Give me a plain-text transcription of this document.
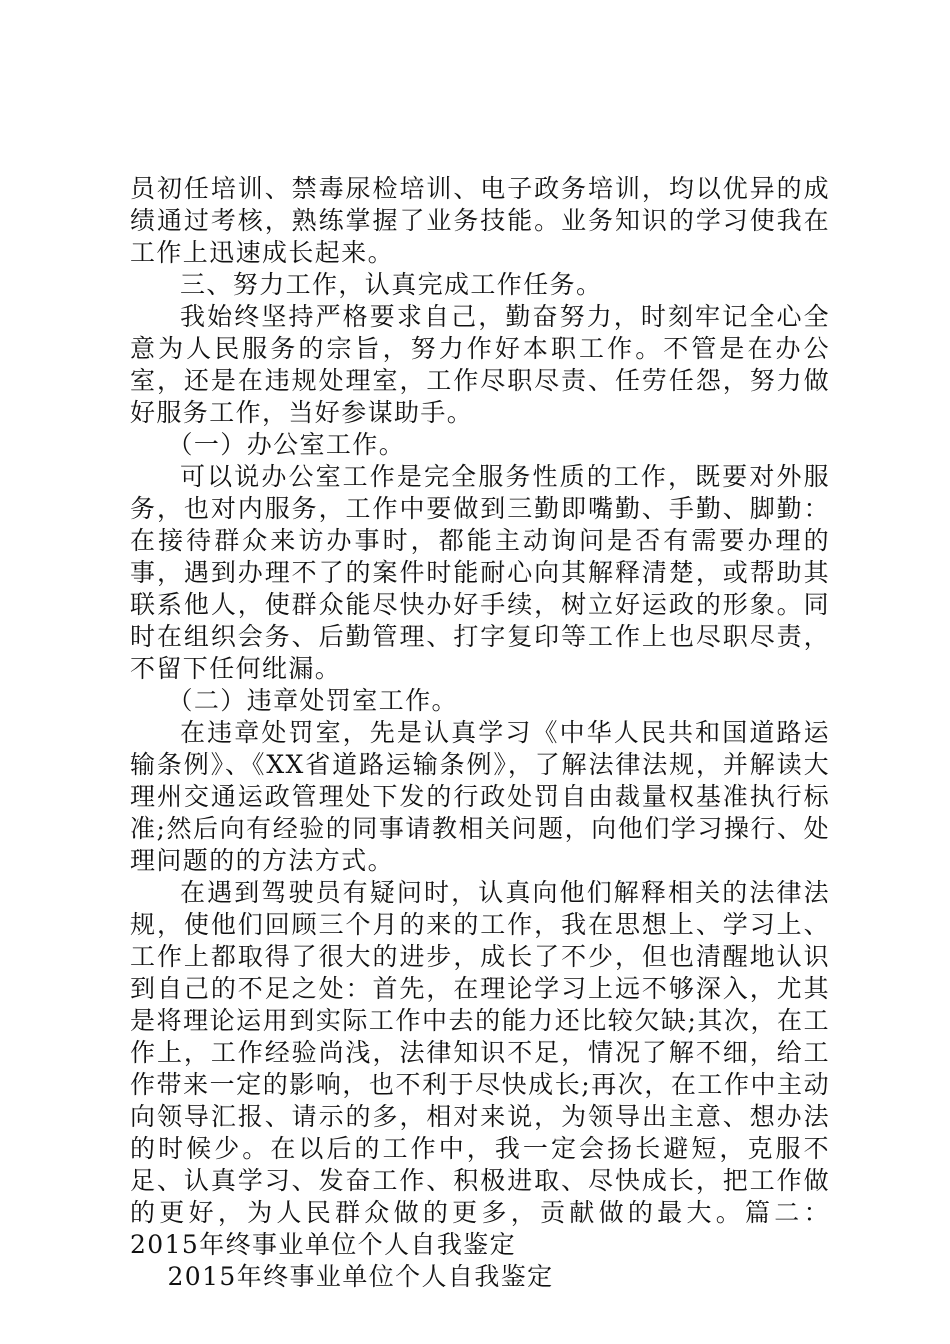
员初任培训、禁毒尿检培训、电子政务培训，均以优异的成绩通过考核，熟练掌握了业务技能。业务知识的学习使我在工作上迅速成长起来。

三、努力工作，认真完成工作任务。

我始终坚持严格要求自己，勤奋努力，时刻牢记全心全意为人民服务的宗旨，努力作好本职工作。不管是在办公室，还是在违规处理室，工作尽职尽责、任劳任怨，努力做好服务工作，当好参谋助手。

（一）办公室工作。

可以说办公室工作是完全服务性质的工作，既要对外服务，也对内服务，工作中要做到三勤即嘴勤、手勤、脚勤：在接待群众来访办事时，都能主动询问是否有需要办理的事，遇到办理不了的案件时能耐心向其解释清楚，或帮助其联系他人，使群众能尽快办好手续，树立好运政的形象。同时在组织会务、后勤管理、打字复印等工作上也尽职尽责，不留下任何纰漏。

（二）违章处罚室工作。

在违章处罚室，先是认真学习《中华人民共和国道路运输条例》、《XX省道路运输条例》，了解法律法规，并解读大理州交通运政管理处下发的行政处罚自由裁量权基准执行标准;然后向有经验的同事请教相关问题，向他们学习操行、处理问题的的方法方式。

在遇到驾驶员有疑问时，认真向他们解释相关的法律法规，使他们回顾三个月的来的工作，我在思想上、学习上、工作上都取得了很大的进步，成长了不少，但也清醒地认识到自己的不足之处：首先，在理论学习上远不够深入，尤其是将理论运用到实际工作中去的能力还比较欠缺;其次，在工作上，工作经验尚浅，法律知识不足，情况了解不细，给工作带来一定的影响，也不利于尽快成长;再次，在工作中主动向领导汇报、请示的多，相对来说，为领导出主意、想办法的时候少。在以后的工作中，我一定会扬长避短，克服不足、认真学习、发奋工作、积极进取、尽快成长，把工作做的更好，为人民群众做的更多，贡献做的最大。篇二：2015年终事业单位个人自我鉴定

2015年终事业单位个人自我鉴定
